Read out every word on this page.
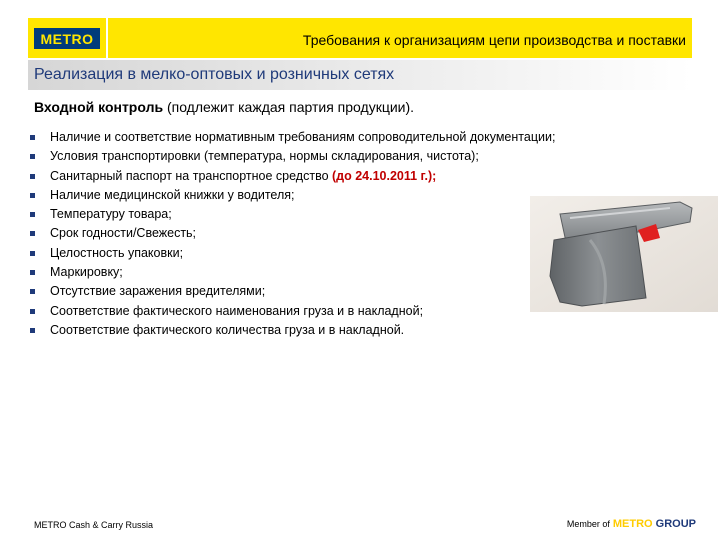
METRO	Требования к организациям цепи производства и поставки
Реализация в мелко-оптовых и розничных сетях
Входной контроль (подлежит каждая партия продукции).
Наличие и соответствие нормативным требованиям сопроводительной документации;
Условия транспортировки (температура, нормы складирования, чистота);
Санитарный паспорт на транспортное средство (до 24.10.2011 г.);
Наличие медицинской книжки у водителя;
Температуру товара;
Срок годности/Свежесть;
Целостность упаковки;
Маркировку;
Отсутствие заражения вредителями;
Соответствие фактического наименования груза и в накладной;
Соответствие фактического количества груза и в накладной.
METRO Cash & Carry Russia	Member of METRO GROUP
